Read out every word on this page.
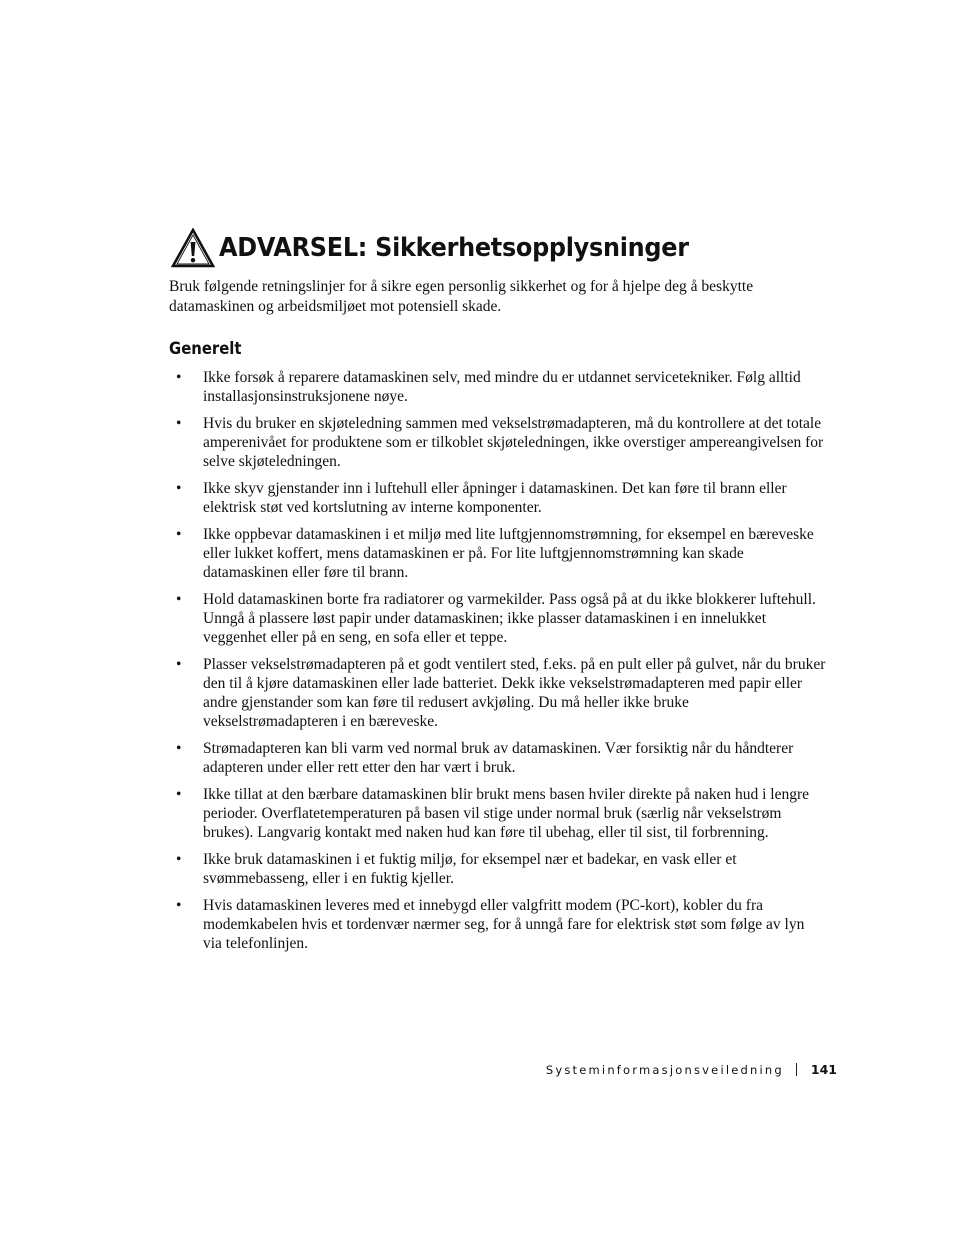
ADVARSEL: Sikkerhetsopplysninger

Bruk følgende retningslinjer for å sikre egen personlig sikkerhet og for å hjelpe deg å beskytte datamaskinen og arbeidsmiljøet mot potensiell skade.

Generelt
• Ikke forsøk å reparere datamaskinen selv, med mindre du er utdannet servicetekniker. Følg alltid installasjonsinstruksjonene nøye.
• Hvis du bruker en skjøteledning sammen med vekselstrømadapteren, må du kontrollere at det totale amperenivået for produktene som er tilkoblet skjøteledningen, ikke overstiger ampereangivelsen for selve skjøteledningen.
• Ikke skyv gjenstander inn i luftehull eller åpninger i datamaskinen. Det kan føre til brann eller elektrisk støt ved kortslutning av interne komponenter.
• Ikke oppbevar datamaskinen i et miljø med lite luftgjennomstrømning, for eksempel en bæreveske eller lukket koffert, mens datamaskinen er på. For lite luftgjennomstrømning kan skade datamaskinen eller føre til brann.
• Hold datamaskinen borte fra radiatorer og varmekilder. Pass også på at du ikke blokkerer luftehull. Unngå å plassere løst papir under datamaskinen; ikke plasser datamaskinen i en innelukket veggenhet eller på en seng, en sofa eller et teppe.
• Plasser vekselstrømadapteren på et godt ventilert sted, f.eks. på en pult eller på gulvet, når du bruker den til å kjøre datamaskinen eller lade batteriet. Dekk ikke vekselstrømadapteren med papir eller andre gjenstander som kan føre til redusert avkjøling. Du må heller ikke bruke vekselstrømadapteren i en bæreveske.
• Strømadapteren kan bli varm ved normal bruk av datamaskinen. Vær forsiktig når du håndterer adapteren under eller rett etter den har vært i bruk.
• Ikke tillat at den bærbare datamaskinen blir brukt mens basen hviler direkte på naken hud i lengre perioder. Overflatetemperaturen på basen vil stige under normal bruk (særlig når vekselstrøm brukes). Langvarig kontakt med naken hud kan føre til ubehag, eller til sist, til forbrenning.
• Ikke bruk datamaskinen i et fuktig miljø, for eksempel nær et badekar, en vask eller et svømmebasseng, eller i en fuktig kjeller.
• Hvis datamaskinen leveres med et innebygd eller valgfritt modem (PC-kort), kobler du fra modemkabelen hvis et tordenvær nærmer seg, for å unngå fare for elektrisk støt som følge av lyn via telefonlinjen.
Systeminformasjonsveiledning 141
